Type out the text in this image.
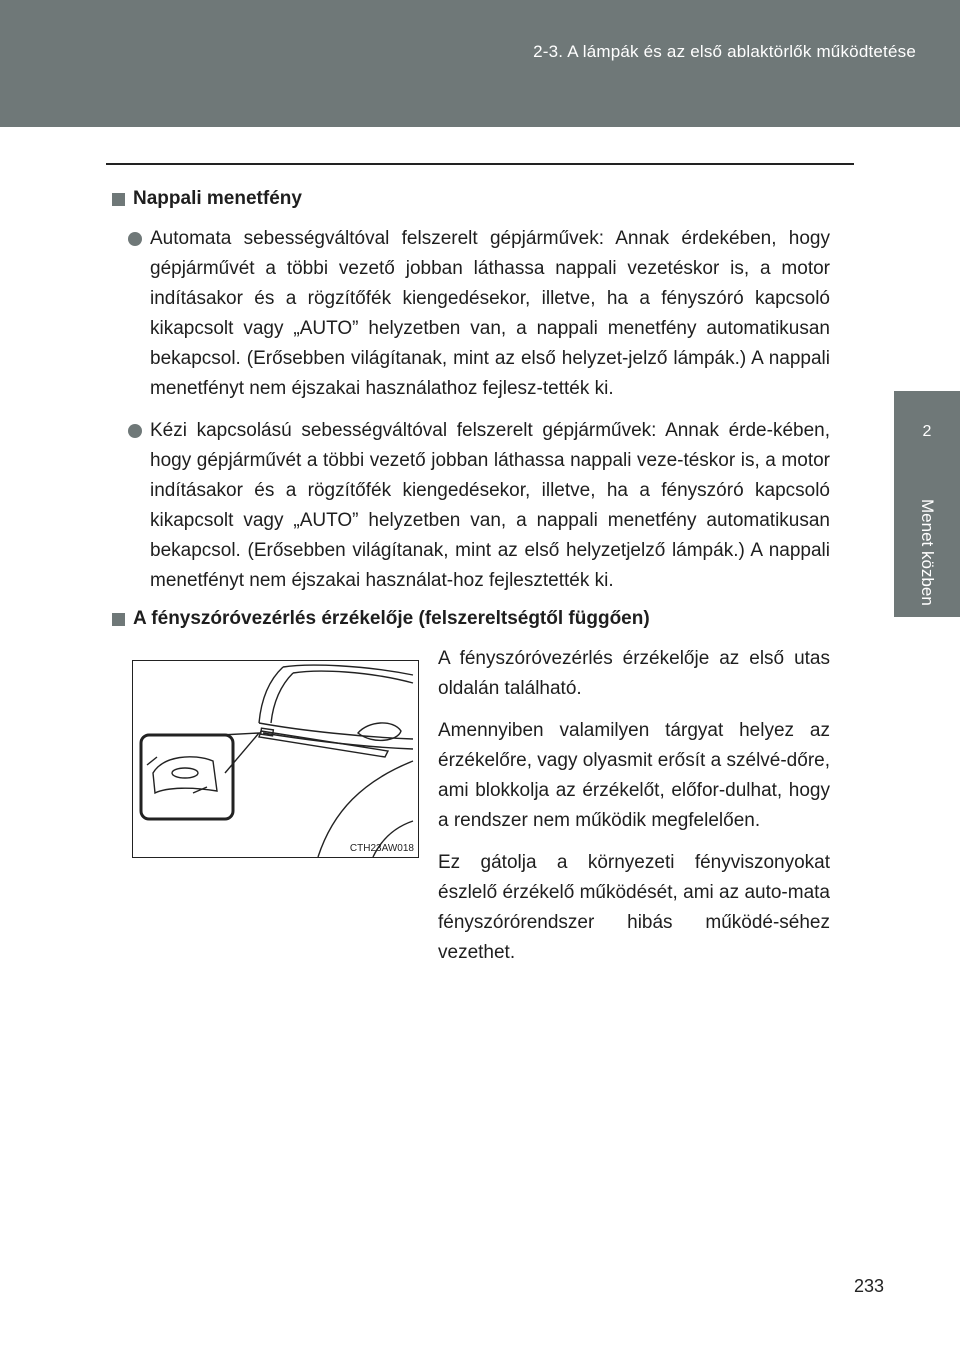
2-3. A lámpák és az első ablaktörlők működtetése
2
Menet közben
Nappali menetfény
Automata sebességváltóval felszerelt gépjárművek: Annak érdekében, hogy gépjárművét a többi vezető jobban láthassa nappali vezetéskor is, a motor indításakor és a rögzítőfék kiengedésekor, illetve, ha a fényszóró kapcsoló kikapcsolt vagy „AUTO” helyzetben van, a nappali menetfény automatikusan bekapcsol. (Erősebben világítanak, mint az első helyzet-jelző lámpák.) A nappali menetfényt nem éjszakai használathoz fejlesz-tették ki.
Kézi kapcsolású sebességváltóval felszerelt gépjárművek: Annak érde-kében, hogy gépjárművét a többi vezető jobban láthassa nappali veze-téskor is, a motor indításakor és a rögzítőfék kiengedésekor, illetve, ha a fényszóró kapcsoló kikapcsolt vagy „AUTO” helyzetben van, a nappali menetfény automatikusan bekapcsol. (Erősebben világítanak, mint az első helyzetjelző lámpák.) A nappali menetfényt nem éjszakai használat-hoz fejlesztették ki.
A fényszóróvezérlés érzékelője (felszereltségtől függően)
CTH23AW018

A fényszóróvezérlés érzékelője az első utas oldalán található.

Amennyiben valamilyen tárgyat helyez az érzékelőre, vagy olyasmit erősít a szélvé-dőre, ami blokkolja az érzékelőt, előfor-dulhat, hogy a rendszer nem működik megfelelően.

Ez gátolja a környezeti fényviszonyokat észlelő érzékelő működését, ami az auto-mata fényszórórendszer hibás működé-séhez vezethet.

233
